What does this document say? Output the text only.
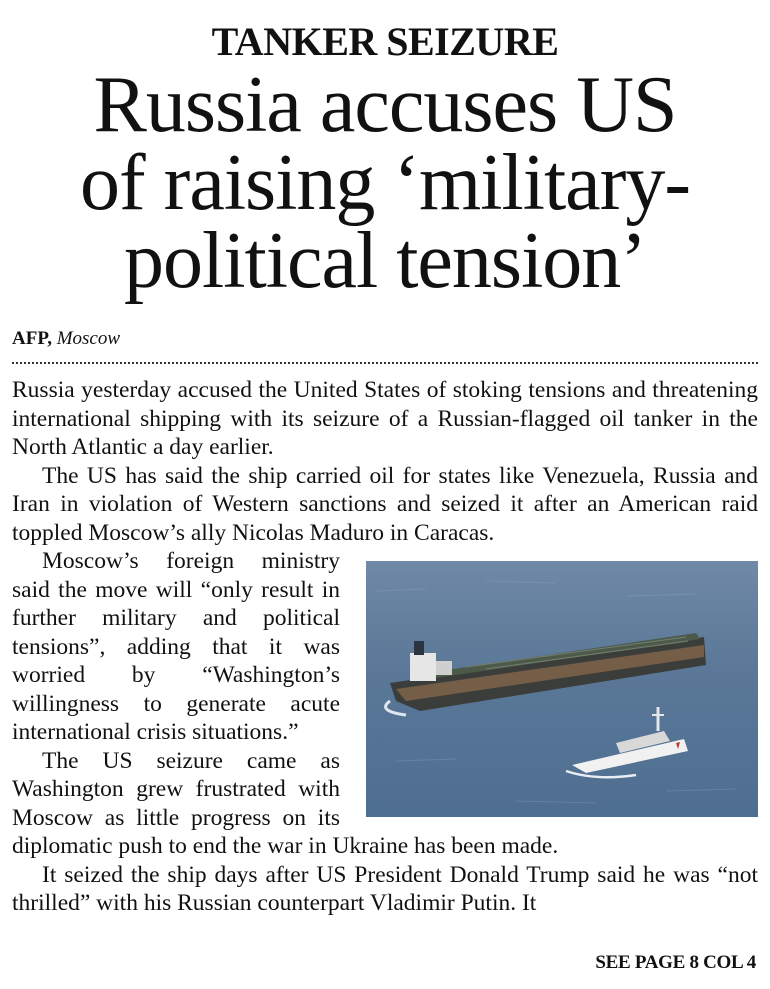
TANKER SEIZURE
Russia accuses US
of raising ‘military-
political tension’
AFP, Moscow

Russia yesterday accused the United States of stoking tensions and threatening international shipping with its seizure of a Russian-flagged oil tanker in the North Atlantic a day earlier.

The US has said the ship carried oil for states like Venezuela, Russia and Iran in violation of Western sanctions and seized it after an American raid toppled Moscow’s ally Nicolas Maduro in Caracas.

Moscow’s foreign ministry said the move will “only result in further military and political tensions”, adding that it was worried by “Washington’s willingness to generate acute international crisis situations.”

The US seizure came as Washington grew frustrated with Moscow as little progress on its diplomatic push to end the war in Ukraine has been made.

It seized the ship days after US President Donald Trump said he was “not thrilled” with his Russian counterpart Vladimir Putin. It

SEE PAGE 8 COL 4
